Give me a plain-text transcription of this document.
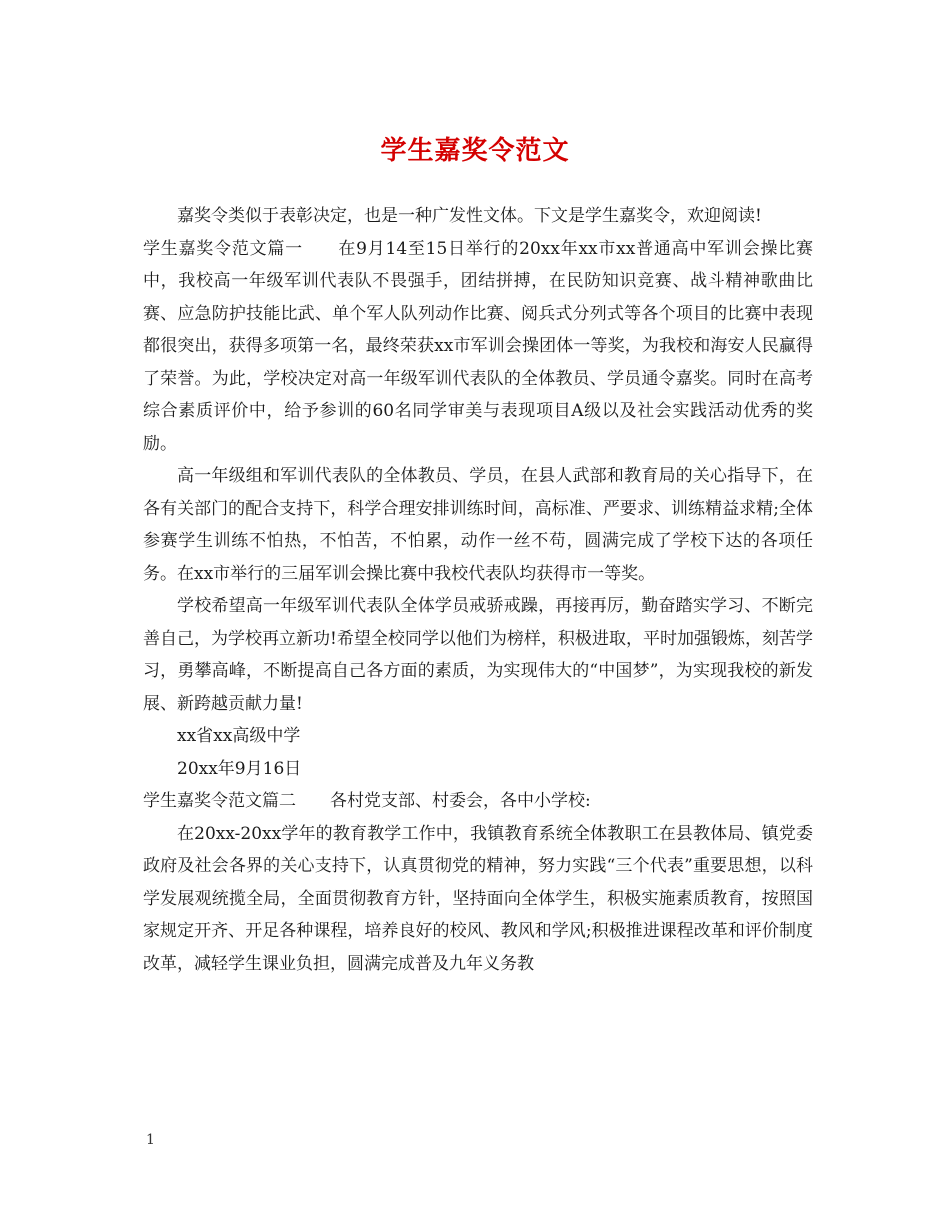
学生嘉奖令范文

嘉奖令类似于表彰决定，也是一种广发性文体。下文是学生嘉奖令，欢迎阅读!

学生嘉奖令范文篇一　　在9月14至15日举行的20xx年xx市xx普通高中军训会操比赛中，我校高一年级军训代表队不畏强手，团结拼搏，在民防知识竞赛、战斗精神歌曲比赛、应急防护技能比武、单个军人队列动作比赛、阅兵式分列式等各个项目的比赛中表现都很突出，获得多项第一名，最终荣获xx市军训会操团体一等奖，为我校和海安人民赢得了荣誉。为此，学校决定对高一年级军训代表队的全体教员、学员通令嘉奖。同时在高考综合素质评价中，给予参训的60名同学审美与表现项目A级以及社会实践活动优秀的奖励。

高一年级组和军训代表队的全体教员、学员，在县人武部和教育局的关心指导下，在各有关部门的配合支持下，科学合理安排训练时间，高标准、严要求、训练精益求精;全体参赛学生训练不怕热，不怕苦，不怕累，动作一丝不苟，圆满完成了学校下达的各项任务。在xx市举行的三届军训会操比赛中我校代表队均获得市一等奖。

学校希望高一年级军训代表队全体学员戒骄戒躁，再接再厉，勤奋踏实学习、不断完善自己，为学校再立新功!希望全校同学以他们为榜样，积极进取，平时加强锻炼，刻苦学习，勇攀高峰，不断提高自己各方面的素质，为实现伟大的“中国梦”，为实现我校的新发展、新跨越贡献力量!

xx省xx高级中学

20xx年9月16日

学生嘉奖令范文篇二　　各村党支部、村委会，各中小学校:

在20xx-20xx学年的教育教学工作中，我镇教育系统全体教职工在县教体局、镇党委政府及社会各界的关心支持下，认真贯彻党的精神，努力实践“三个代表”重要思想，以科学发展观统揽全局，全面贯彻教育方针，坚持面向全体学生，积极实施素质教育，按照国家规定开齐、开足各种课程，培养良好的校风、教风和学风;积极推进课程改革和评价制度改革，减轻学生课业负担，圆满完成普及九年义务教

1
